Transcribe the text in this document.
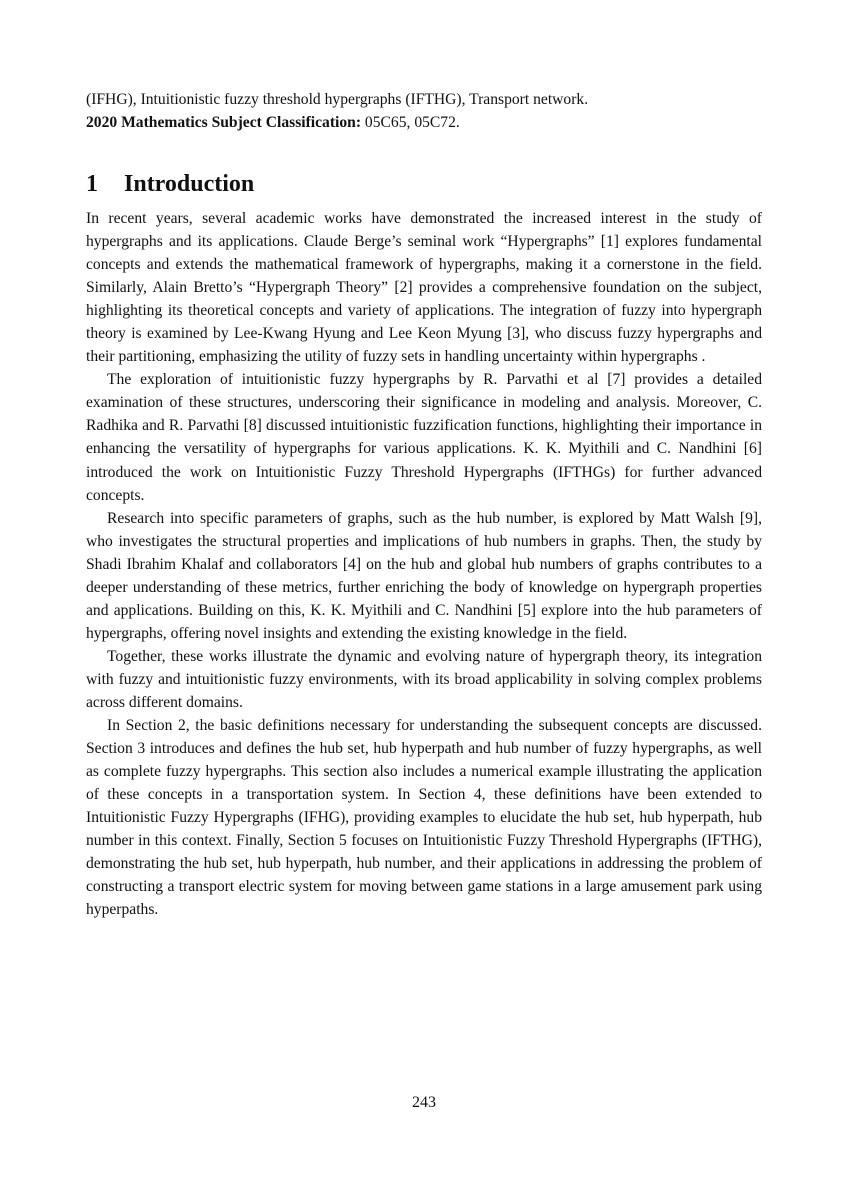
(IFHG), Intuitionistic fuzzy threshold hypergraphs (IFTHG), Transport network.

2020 Mathematics Subject Classification: 05C65, 05C72.

1 Introduction

In recent years, several academic works have demonstrated the increased interest in the study of hypergraphs and its applications. Claude Berge’s seminal work “Hypergraphs” [1] explores fundamental concepts and extends the mathematical framework of hypergraphs, making it a cornerstone in the field. Similarly, Alain Bretto’s “Hypergraph Theory” [2] provides a comprehensive foundation on the subject, highlighting its theoretical concepts and variety of applications. The integration of fuzzy into hypergraph theory is examined by Lee-Kwang Hyung and Lee Keon Myung [3], who discuss fuzzy hypergraphs and their partitioning, emphasizing the utility of fuzzy sets in handling uncertainty within hypergraphs .

The exploration of intuitionistic fuzzy hypergraphs by R. Parvathi et al [7] provides a detailed examination of these structures, underscoring their significance in modeling and analysis. Moreover, C. Radhika and R. Parvathi [8] discussed intuitionistic fuzzification functions, highlighting their importance in enhancing the versatility of hypergraphs for various applications. K. K. Myithili and C. Nandhini [6] introduced the work on Intuitionistic Fuzzy Threshold Hypergraphs (IFTHGs) for further advanced concepts.

Research into specific parameters of graphs, such as the hub number, is explored by Matt Walsh [9], who investigates the structural properties and implications of hub numbers in graphs. Then, the study by Shadi Ibrahim Khalaf and collaborators [4] on the hub and global hub numbers of graphs contributes to a deeper understanding of these metrics, further enriching the body of knowledge on hypergraph properties and applications. Building on this, K. K. Myithili and C. Nandhini [5] explore into the hub parameters of hypergraphs, offering novel insights and extending the existing knowledge in the field.

Together, these works illustrate the dynamic and evolving nature of hypergraph theory, its integration with fuzzy and intuitionistic fuzzy environments, with its broad applicability in solving complex problems across different domains.

In Section 2, the basic definitions necessary for understanding the subsequent concepts are discussed. Section 3 introduces and defines the hub set, hub hyperpath and hub number of fuzzy hypergraphs, as well as complete fuzzy hypergraphs. This section also includes a numerical example illustrating the application of these concepts in a transportation system. In Section 4, these definitions have been extended to Intuitionistic Fuzzy Hypergraphs (IFHG), providing examples to elucidate the hub set, hub hyperpath, hub number in this context. Finally, Section 5 focuses on Intuitionistic Fuzzy Threshold Hypergraphs (IFTHG), demonstrating the hub set, hub hyperpath, hub number, and their applications in addressing the problem of constructing a transport electric system for moving between game stations in a large amusement park using hyperpaths.

243
